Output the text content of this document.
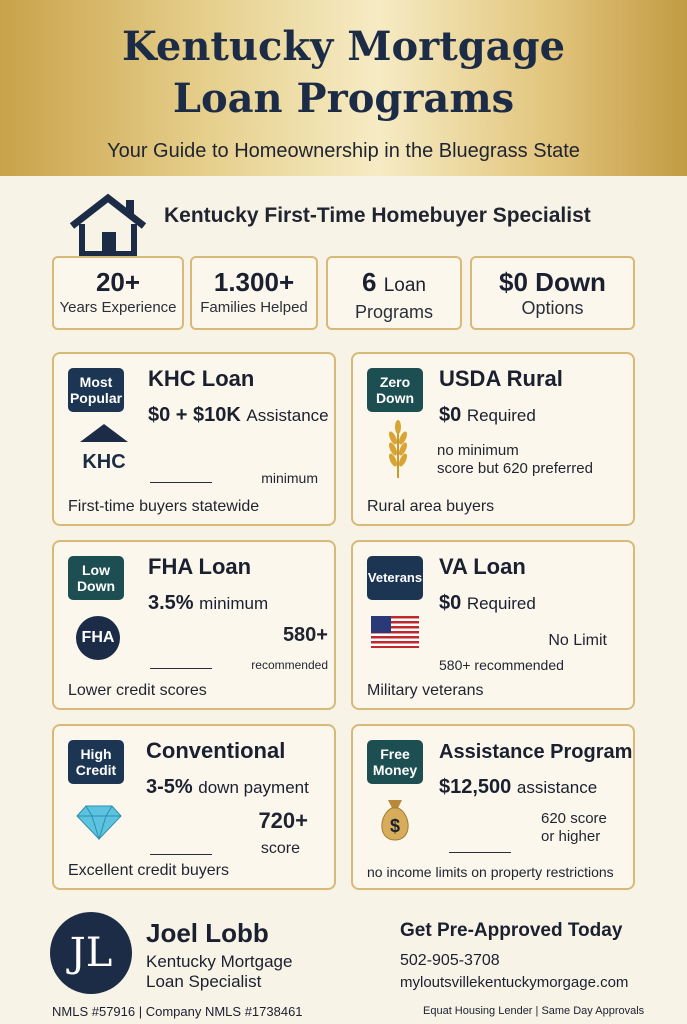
Kentucky Mortgage
Loan Programs
Your Guide to Homeownership in the Bluegrass State
Kentucky First-Time Homebuyer Specialist
20+
Years Experience
1.300+
Families Helped
6 Loan
Programs
$0 Down
Options
Most
Popular
KHC Loan
$0 + $10K Assistance
KHC
minimum
First-time buyers statewide
Zero
Down
USDA Rural
$0 Required
no minimum
score but 620 preferred
Rural area buyers
Low
Down
FHA Loan
3.5% minimum
FHA	580+
recommended
Lower credit scores
Veterans VA Loan
$0 Required
No Limit
580+ recommended
Military veterans
High
Credit
Conventional
3-5% down payment
720+
score
Excellent credit buyers
Free
Money
Assistance Program
$12,500 assistance
$	620 score
or higher
no income limits on property restrictions
JL	Joel Lobb
Kentucky Mortgage
Loan Specialist
Get Pre-Approved Today
502-905-3708
myloutsvillekentuckymorgage.com
NMLS #57916 | Company NMLS #1738461	Equat Housing Lender | Same Day Approvals
